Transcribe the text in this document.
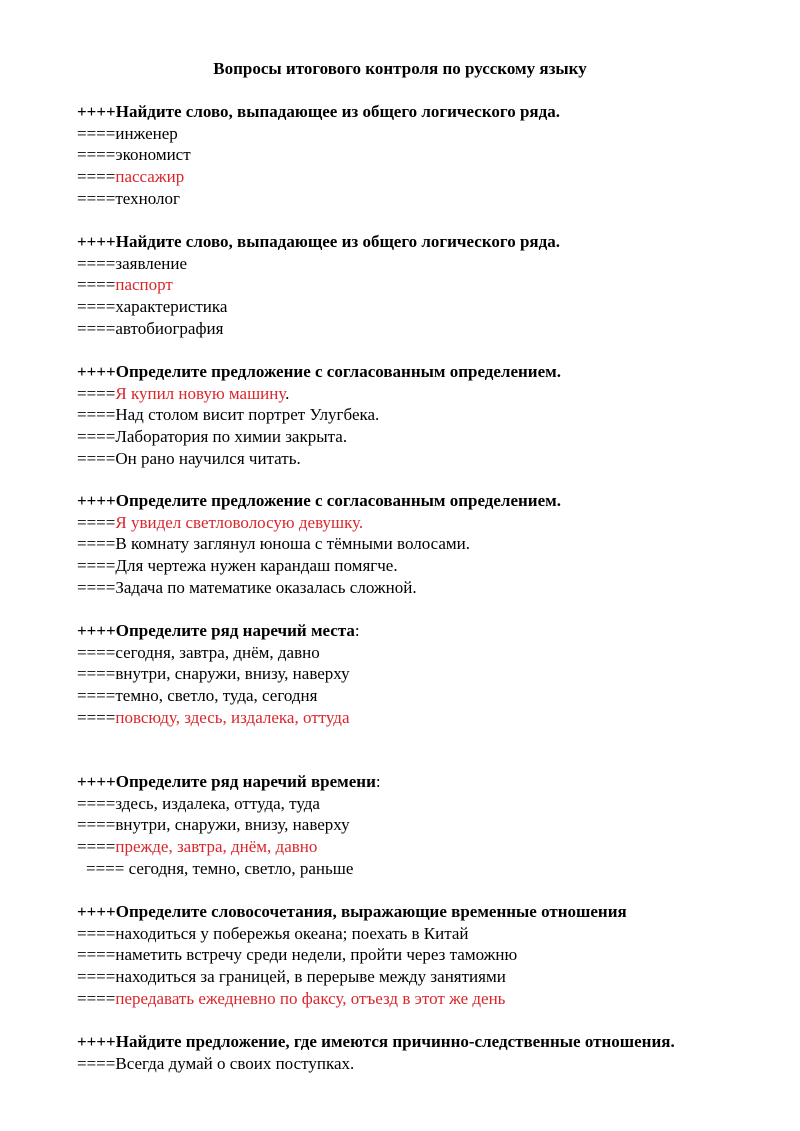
Вопросы итогового контроля по русскому языку
++++Найдите слово, выпадающее из общего логического ряда.
====инженер
====экономист
====пассажир
====технолог
++++Найдите слово, выпадающее из общего логического ряда.
====заявление
====паспорт
====характеристика
====автобиография
++++Определите предложение с согласованным определением.
====Я купил новую машину.
====Над столом висит портрет Улугбека.
====Лаборатория по химии закрыта.
====Он рано научился читать.
++++Определите предложение с согласованным определением.
====Я увидел светловолосую девушку.
====В комнату заглянул юноша с тёмными волосами.
====Для чертежа нужен карандаш помягче.
====Задача по математике оказалась сложной.
++++Определите ряд наречий места:
====сегодня, завтра, днём, давно
====внутри, снаружи, внизу, наверху
====темно, светло, туда, сегодня
====повсюду, здесь, издалека, оттуда
++++Определите ряд наречий времени:
====здесь, издалека, оттуда, туда
====внутри, снаружи, внизу, наверху
====прежде, завтра, днём, давно
==== сегодня, темно, светло, раньше
++++Определите словосочетания, выражающие временные отношения
====находиться у побережья океана; поехать в Китай
====наметить встречу среди недели, пройти через таможню
====находиться за границей, в перерыве между занятиями
====передавать ежедневно по факсу, отъезд в этот же день
++++Найдите предложение, где имеются причинно-следственные отношения.
====Всегда думай о своих поступках.
